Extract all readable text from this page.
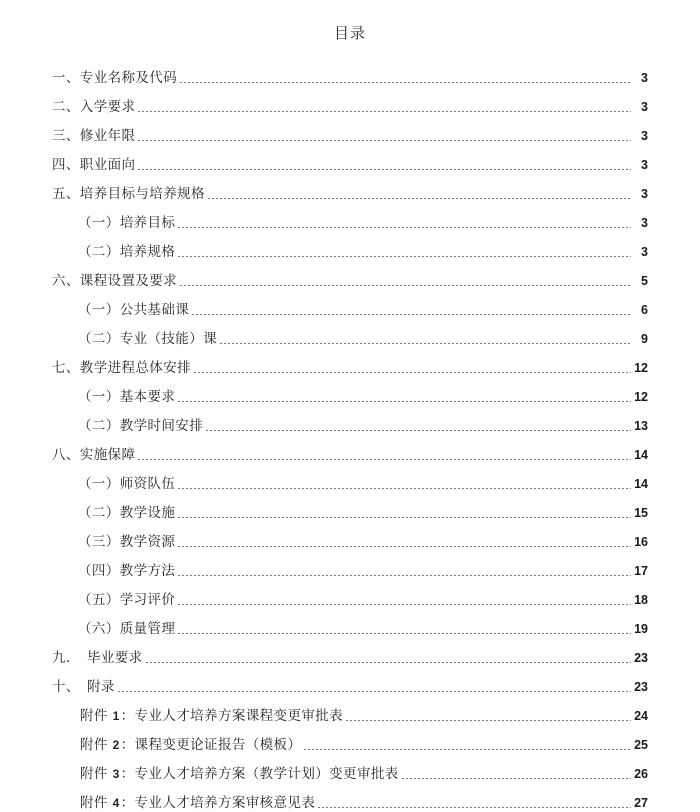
目录
一、专业名称及代码	3
二、入学要求	3
三、修业年限	3
四、职业面向	3
五、培养目标与培养规格	3
（一）培养目标	3
（二）培养规格	3
六、课程设置及要求	5
（一）公共基础课	6
（二）专业（技能）课	9
七、教学进程总体安排	12
（一）基本要求	12
（二）教学时间安排	13
八、实施保障	14
（一）师资队伍	14
（二）教学设施	15
（三）教学资源	16
（四）教学方法	17
（五）学习评价	18
（六）质量管理	19
九．　毕业要求	23
十、　附录	23
附件 1：专业人才培养方案课程变更审批表	24
附件 2：课程变更论证报告（模板）	25
附件 3：专业人才培养方案（教学计划）变更审批表	26
附件 4：专业人才培养方案审核意见表	27
